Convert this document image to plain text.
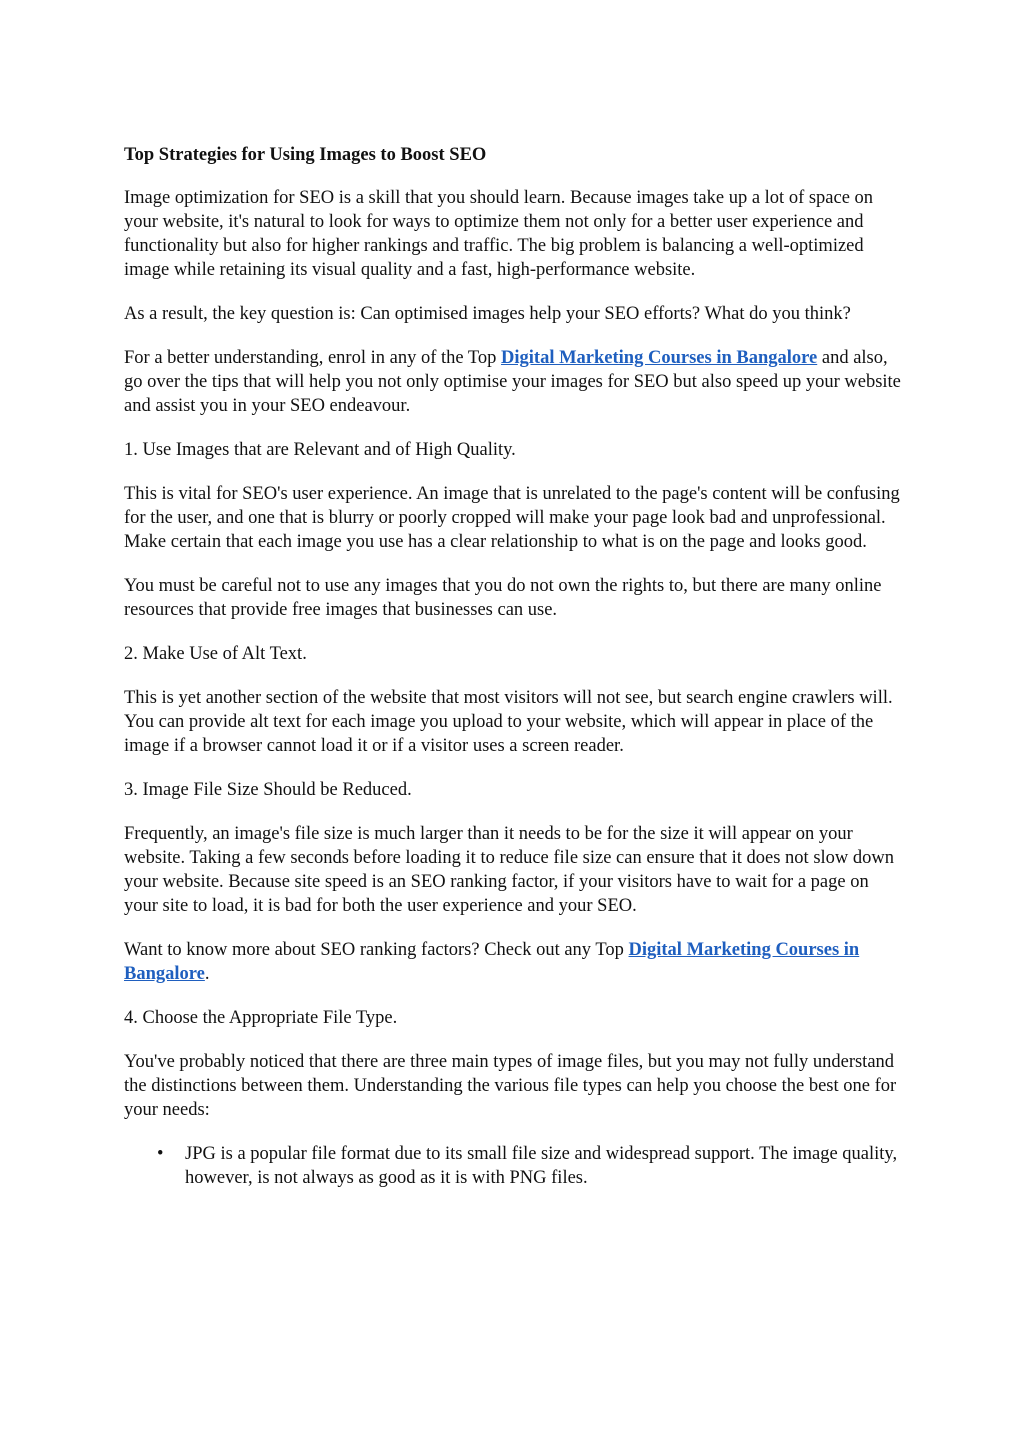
Top Strategies for Using Images to Boost SEO

Image optimization for SEO is a skill that you should learn. Because images take up a lot of space on your website, it's natural to look for ways to optimize them not only for a better user experience and functionality but also for higher rankings and traffic. The big problem is balancing a well-optimized image while retaining its visual quality and a fast, high-performance website.

As a result, the key question is: Can optimised images help your SEO efforts? What do you think?

For a better understanding, enrol in any of the Top Digital Marketing Courses in Bangalore and also, go over the tips that will help you not only optimise your images for SEO but also speed up your website and assist you in your SEO endeavour.

1. Use Images that are Relevant and of High Quality.

This is vital for SEO's user experience. An image that is unrelated to the page's content will be confusing for the user, and one that is blurry or poorly cropped will make your page look bad and unprofessional. Make certain that each image you use has a clear relationship to what is on the page and looks good.

You must be careful not to use any images that you do not own the rights to, but there are many online resources that provide free images that businesses can use.

2. Make Use of Alt Text.

This is yet another section of the website that most visitors will not see, but search engine crawlers will. You can provide alt text for each image you upload to your website, which will appear in place of the image if a browser cannot load it or if a visitor uses a screen reader.

3. Image File Size Should be Reduced.

Frequently, an image's file size is much larger than it needs to be for the size it will appear on your website. Taking a few seconds before loading it to reduce file size can ensure that it does not slow down your website. Because site speed is an SEO ranking factor, if your visitors have to wait for a page on your site to load, it is bad for both the user experience and your SEO.

Want to know more about SEO ranking factors? Check out any Top Digital Marketing Courses in Bangalore.

4. Choose the Appropriate File Type.

You've probably noticed that there are three main types of image files, but you may not fully understand the distinctions between them. Understanding the various file types can help you choose the best one for your needs:

• JPG is a popular file format due to its small file size and widespread support. The image quality, however, is not always as good as it is with PNG files.
